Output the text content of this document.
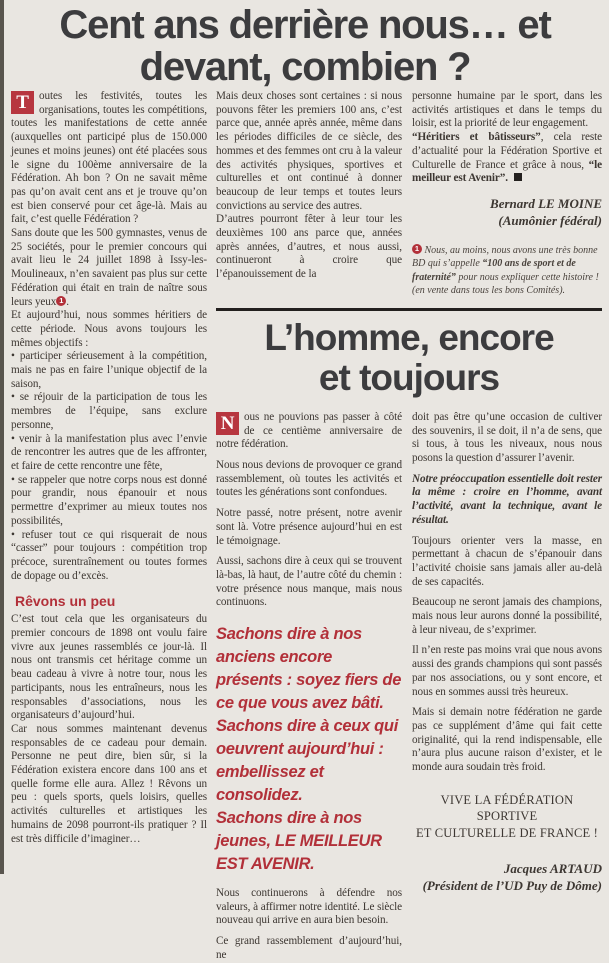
Cent ans derrière nous… et
devant, combien ?

T outes les festivités, toutes les organisations, toutes les compétitions, toutes les manifestations de cette année (auxquelles ont participé plus de 150.000 jeunes et moins jeunes) ont été placées sous le signe du 100ème anniversaire de la Fédération. Ah bon ? On ne savait même pas qu’on avait cent ans et je trouve qu’on est bien conservé pour cet âge-là. Mais au fait, c’est quelle Fédération ?

Sans doute que les 500 gymnastes, venus de 25 sociétés, pour le premier concours qui avait lieu le 24 juillet 1898 à Issy-les-Moulineaux, n’en savaient pas plus sur cette Fédération qui était en train de naître sous leurs yeux 1 .

Et aujourd’hui, nous sommes héritiers de cette période. Nous avons toujours les mêmes objectifs :

• participer sérieusement à la compétition, mais ne pas en faire l’unique objectif de la saison,

• se réjouir de la participation de tous les membres de l’équipe, sans exclure personne,

• venir à la manifestation plus avec l’envie de rencontrer les autres que de les affronter, et faire de cette rencontre une fête,

• se rappeler que notre corps nous est donné pour grandir, nous épanouir et nous permettre d’exprimer au mieux toutes nos possibilités,

• refuser tout ce qui risquerait de nous “casser” pour toujours : compétition trop précoce, surentraînement ou toutes formes de dopage ou d’excès.

Rêvons un peu

C’est tout cela que les organisateurs du premier concours de 1898 ont voulu faire vivre aux jeunes rassemblés ce jour-là. Il nous ont transmis cet héritage comme un beau cadeau à vivre à notre tour, nous les participants, nous les entraîneurs, nous les responsables d’associations, nous les organisateurs d’aujourd’hui.

Car nous sommes maintenant devenus responsables de ce cadeau pour demain. Personne ne peut dire, bien sûr, si la Fédération existera encore dans 100 ans et quelle forme elle aura. Allez ! Rêvons un peu : quels sports, quels loisirs, quelles activités culturelles et artistiques les humains de 2098 pourront-ils pratiquer ? Il est très difficile d’imaginer…

Mais deux choses sont certaines : si nous pouvons fêter les premiers 100 ans, c’est parce que, année après année, même dans les périodes difficiles de ce siècle, des hommes et des femmes ont cru à la valeur des activités physiques, sportives et culturelles et ont continué à donner beaucoup de leur temps et toutes leurs convictions au service des autres.

D’autres pourront fêter à leur tour les deuxièmes 100 ans parce que, années après années, d’autres, et nous aussi, continueront à croire que l’épanouissement de la

personne humaine par le sport, dans les activités artistiques et dans le temps du loisir, est la priorité de leur engagement.

“Héritiers et bâtisseurs”, cela reste d’actualité pour la Fédération Sportive et Culturelle de France et grâce à nous, “le meilleur est Avenir”.

Bernard LE MOINE
(Aumônier fédéral)

1 Nous, au moins, nous avons une très bonne BD qui s’appelle “100 ans de sport et de fraternité” pour nous expliquer cette histoire ! (en vente dans tous les bons Comités).

L’homme, encore
et toujours

N ous ne pouvions pas passer à côté de ce centième anniversaire de notre fédération.

Nous nous devions de provoquer ce grand rassemblement, où toutes les activités et toutes les générations sont confondues.

Notre passé, notre présent, notre avenir sont là. Votre présence aujourd’hui en est le témoignage.

Aussi, sachons dire à ceux qui se trouvent là-bas, là haut, de l’autre côté du chemin : votre présence nous manque, mais nous continuons.

Sachons dire à nos anciens encore présents : soyez fiers de ce que vous avez bâti.

Sachons dire à ceux qui oeuvrent aujourd’hui : embellissez et consolidez.

Sachons dire à nos jeunes, LE MEILLEUR EST AVENIR.

Nous continuerons à défendre nos valeurs, à affirmer notre identité. Le siècle nouveau qui arrive en aura bien besoin.

Ce grand rassemblement d’aujourd’hui, ne

doit pas être qu’une occasion de cultiver des souvenirs, il se doit, il n’a de sens, que si tous, à tous les niveaux, nous nous posons la question d’assurer l’avenir.

Notre préoccupation essentielle doit rester la même : croire en l’homme, avant l’activité, avant la technique, avant le résultat.

Toujours orienter vers la masse, en permettant à chacun de s’épanouir dans l’activité choisie sans jamais aller au-delà de ses capacités.

Beaucoup ne seront jamais des champions, mais nous leur aurons donné la possibilité, à leur niveau, de s’exprimer.

Il n’en reste pas moins vrai que nous avons aussi des grands champions qui sont passés par nos associations, ou y sont encore, et nous en sommes aussi très heureux.

Mais si demain notre fédération ne garde pas ce supplément d’âme qui fait cette originalité, qui la rend indispensable, elle n’aura plus aucune raison d’exister, et le monde aura soudain très froid.

VIVE LA FÉDÉRATION SPORTIVE
ET CULTURELLE DE FRANCE !
Jacques ARTAUD
(Président de l’UD Puy de Dôme)
